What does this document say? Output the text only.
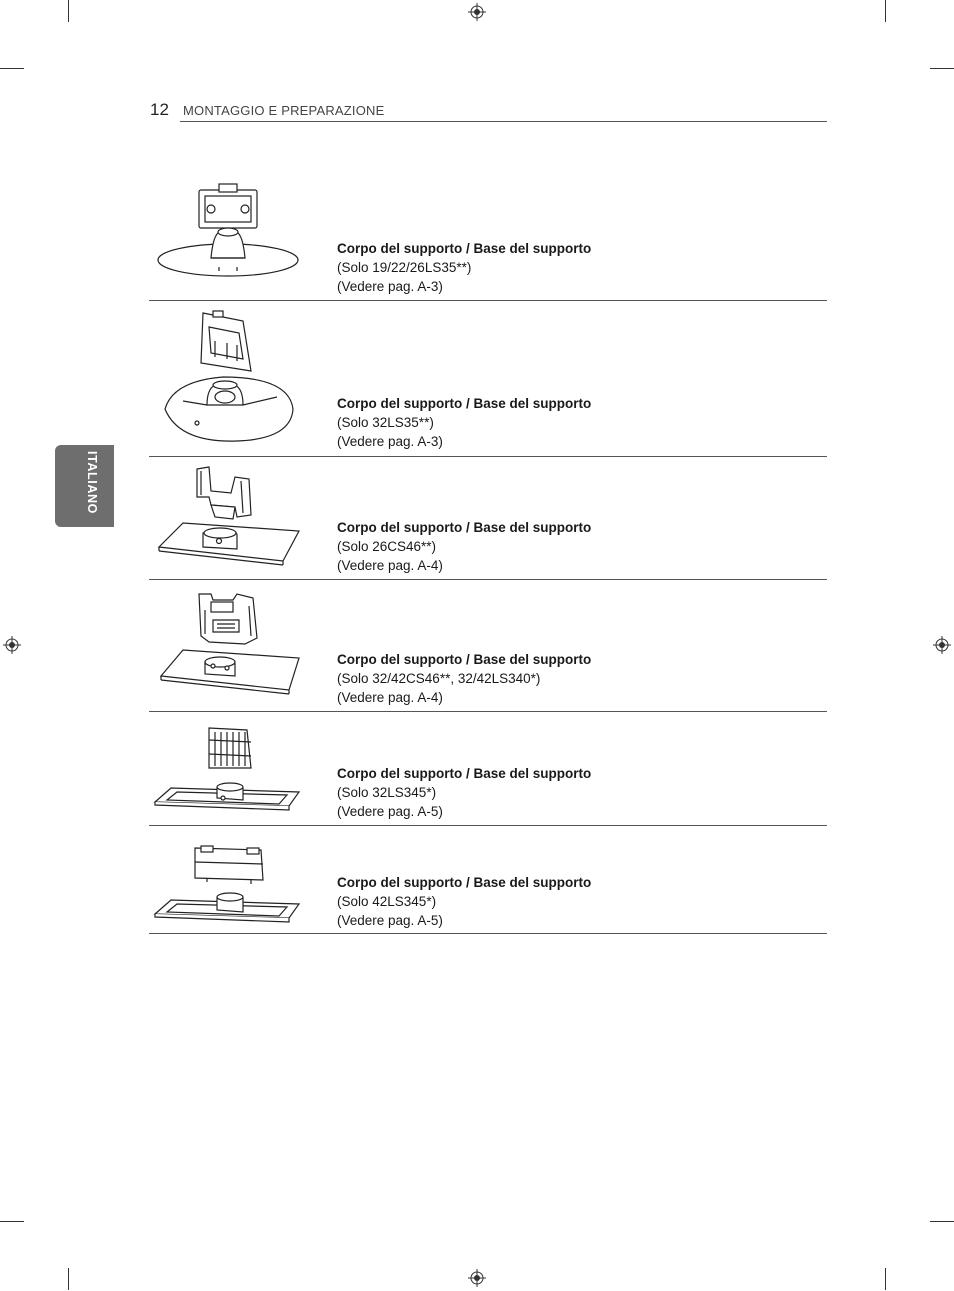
12 MONTAGGIO E PREPARAZIONE
ITALIANO
Corpo del supporto / Base del supporto
(Solo 19/22/26LS35**)
(Vedere pag. A-3)
Corpo del supporto / Base del supporto
(Solo 32LS35**)
(Vedere pag. A-3)
Corpo del supporto / Base del supporto
(Solo 26CS46**)
(Vedere pag. A-4)
Corpo del supporto / Base del supporto
(Solo 32/42CS46**, 32/42LS340*)
(Vedere pag. A-4)
Corpo del supporto / Base del supporto
(Solo 32LS345*)
(Vedere pag. A-5)
Corpo del supporto / Base del supporto
(Solo 42LS345*)
(Vedere pag. A-5)
